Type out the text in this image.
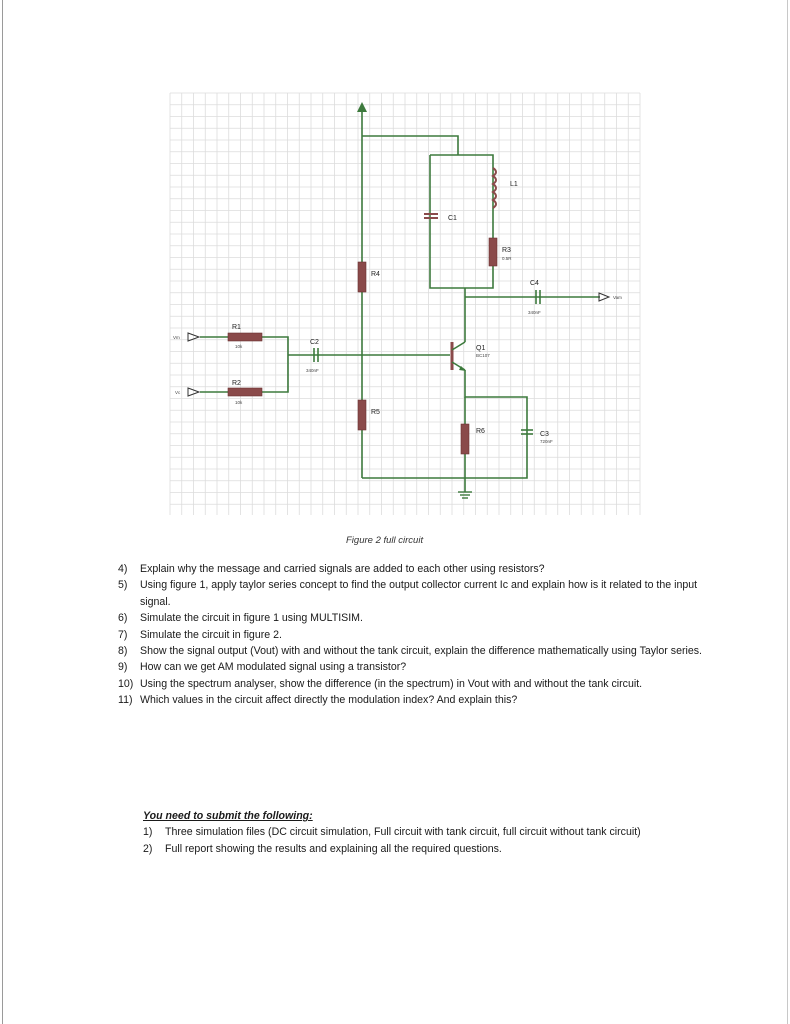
L1
C1
R3
0.5R
R4
C4
340nF
Vam
Vm
R1
10k
C2
340nF
Q1
BC107
Vc
R2
10k
R5
R6	C3
720nF
Figure 2 full circuit
4)	Explain why the message and carried signals are added to each other using resistors?
5)	Using figure 1, apply taylor series concept to find the output collector current Ic and explain how is it related to the input signal.
6)	Simulate the circuit in figure 1 using MULTISIM.
7)	Simulate the circuit in figure 2.
8)	Show the signal output (Vout) with and without the tank circuit, explain the difference mathematically using Taylor series.
9)	How can we get AM modulated signal using a transistor?
10) Using the spectrum analyser, show the difference (in the spectrum) in Vout with and without the tank circuit.
11) Which values in the circuit affect directly the modulation index? And explain this?
You need to submit the following:
1)	Three simulation files (DC circuit simulation, Full circuit with tank circuit, full circuit without tank circuit)
2)	Full report showing the results and explaining all the required questions.
